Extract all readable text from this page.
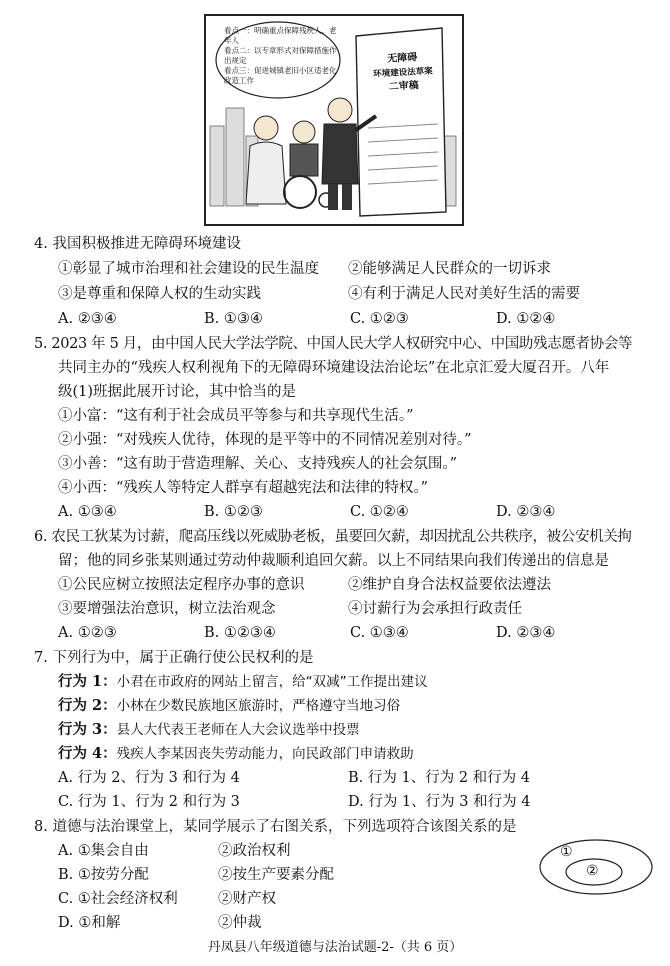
看点一：明确重点保障残疾人、老年人
看点二：以专章形式对保障措施作出规定
看点三：促进城镇老旧小区适老化改造工作
无障碍
环境建设法草案
二审稿
4. 我国积极推进无障碍环境建设
①彰显了城市治理和社会建设的民生温度 ②能够满足人民群众的一切诉求
③是尊重和保障人权的生动实践	④有利于满足人民对美好生活的需要
A. ②③④	B. ①③④	C. ①②③	D. ①②④
5. 2023 年 5 月，由中国人民大学法学院、中国人民大学人权研究中心、中国助残志愿者协会等
共同主办的“残疾人权利视角下的无障碍环境建设法治论坛”在北京汇爱大厦召开。八年
级(1)班据此展开讨论，其中恰当的是
①小富：“这有利于社会成员平等参与和共享现代生活。”
②小强：“对残疾人优待，体现的是平等中的不同情况差别对待。”
③小善：“这有助于营造理解、关心、支持残疾人的社会氛围。”
④小西：“残疾人等特定人群享有超越宪法和法律的特权。”
A. ①③④	B. ①②③	C. ①②④	D. ②③④
6. 农民工狄某为讨薪，爬高压线以死威胁老板，虽要回欠薪，却因扰乱公共秩序，被公安机关拘
留；他的同乡张某则通过劳动仲裁顺利追回欠薪。以上不同结果向我们传递出的信息是
①公民应树立按照法定程序办事的意识	②维护自身合法权益要依法遵法
③要增强法治意识，树立法治观念	④讨薪行为会承担行政责任
A. ①②③	B. ①②③④	C. ①③④	D. ②③④
7. 下列行为中，属于正确行使公民权利的是
行为 1：小君在市政府的网站上留言，给“双减”工作提出建议
行为 2：小林在少数民族地区旅游时，严格遵守当地习俗
行为 3：县人大代表王老师在人大会议选举中投票
行为 4：残疾人李某因丧失劳动能力，向民政部门申请救助
A. 行为 2、行为 3 和行为 4	B. 行为 1、行为 2 和行为 4
C. 行为 1、行为 2 和行为 3	D. 行为 1、行为 3 和行为 4
8. 道德与法治课堂上，某同学展示了右图关系，下列选项符合该图关系的是
A. ①集会自由	②政治权利
B. ①按劳分配	②按生产要素分配
C. ①社会经济权利	②财产权
D. ①和解	②仲裁
①
②
丹凤县八年级道德与法治试题-2-（共 6 页）
